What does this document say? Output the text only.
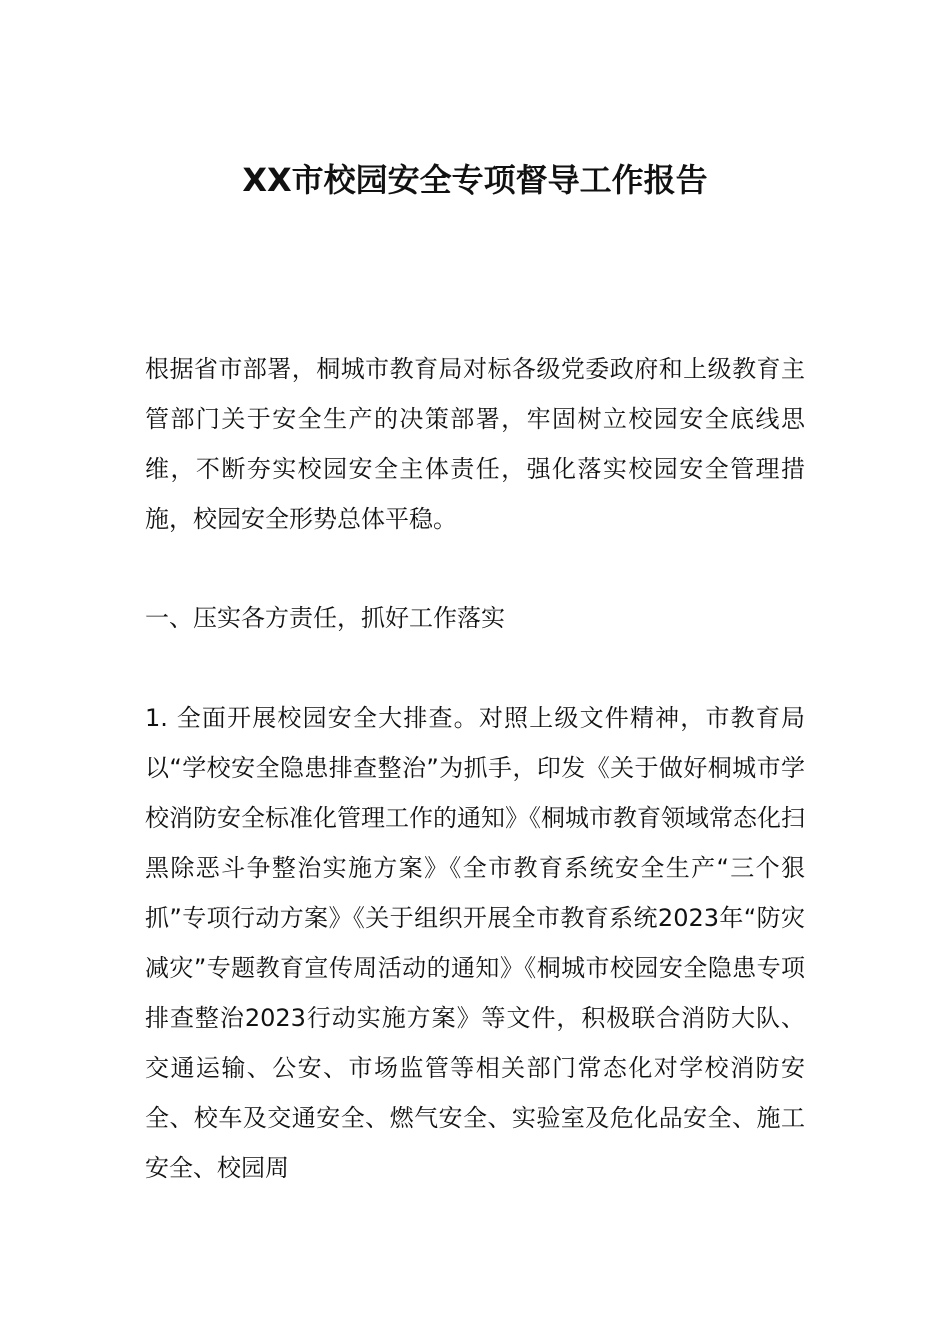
XX市校园安全专项督导工作报告

根据省市部署，桐城市教育局对标各级党委政府和上级教育主管部门关于安全生产的决策部署，牢固树立校园安全底线思维，不断夯实校园安全主体责任，强化落实校园安全管理措施，校园安全形势总体平稳。

一、压实各方责任，抓好工作落实

1. 全面开展校园安全大排查。对照上级文件精神，市教育局以“学校安全隐患排查整治”为抓手，印发《关于做好桐城市学校消防安全标准化管理工作的通知》《桐城市教育领域常态化扫黑除恶斗争整治实施方案》《全市教育系统安全生产“三个狠抓”专项行动方案》《关于组织开展全市教育系统2023年“防灾减灾”专题教育宣传周活动的通知》《桐城市校园安全隐患专项排查整治2023行动实施方案》等文件，积极联合消防大队、交通运输、公安、市场监管等相关部门常态化对学校消防安全、校车及交通安全、燃气安全、实验室及危化品安全、施工安全、校园周
